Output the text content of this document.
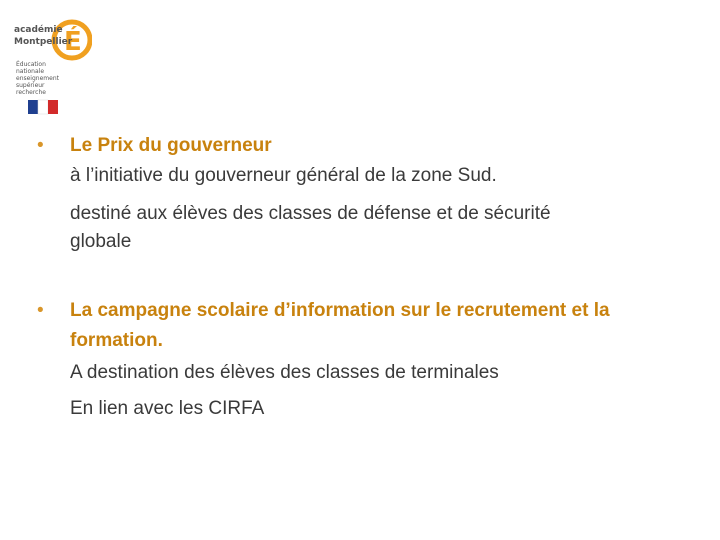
É
académie
Montpellier
Éducation
nationale
enseignement
supérieur
recherche
• Le Prix du gouverneur
à l’initiative du gouverneur général de la zone Sud.
destiné aux élèves des classes de défense et de sécurité
globale
• La campagne scolaire d’information sur le recrutement et la
formation.
A destination des élèves des classes de terminales
En lien avec les CIRFA
